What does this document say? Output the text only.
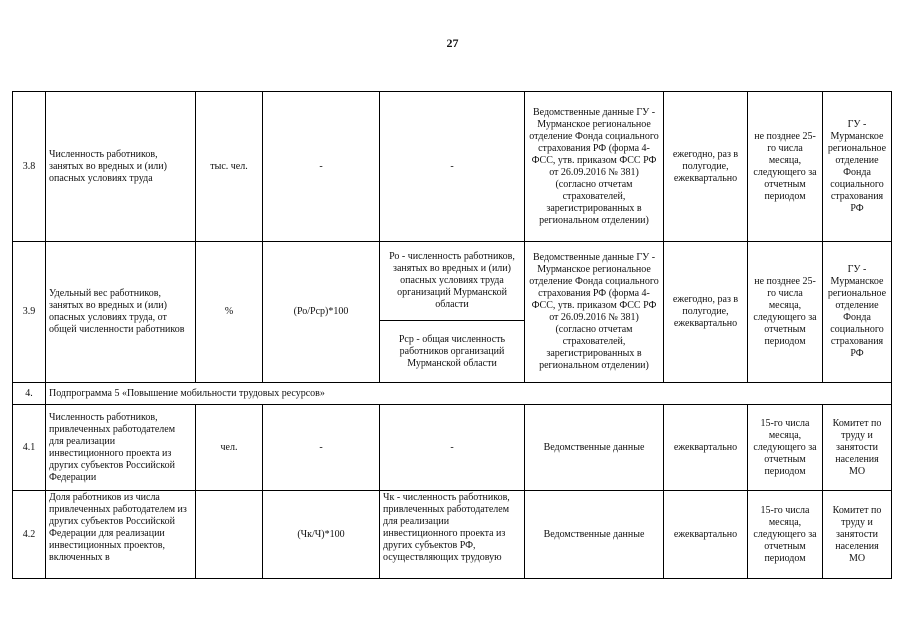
27
3.8	Численность работников, занятых во вредных и (или) опасных условиях труда	тыс. чел.	-	-	Ведомственные данные ГУ - Мурманское региональное отделение Фонда социального страхования РФ (форма 4-ФСС, утв. приказом ФСС РФ от 26.09.2016 № 381) (согласно отчетам страхователей, зарегистрированных в региональном отделении)	ежегодно, раз в полугодие, ежеквартально	не позднее 25-го числа месяца, следующего за отчетным периодом	ГУ - Мурманское региональное отделение Фонда социального страхования РФ
3.9	Удельный вес работников, занятых во вредных и (или) опасных условиях труда, от общей численности работников	%	(Ро/Рср)*100	Ро - численность работников, занятых во вредных и (или) опасных условиях труда организаций Мурманской области	Ведомственные данные ГУ - Мурманское региональное отделение Фонда социального страхования РФ (форма 4-ФСС, утв. приказом ФСС РФ от 26.09.2016 № 381) (согласно отчетам страхователей, зарегистрированных в региональном отделении)	ежегодно, раз в полугодие, ежеквартально	не позднее 25-го числа месяца, следующего за отчетным периодом	ГУ - Мурманское региональное отделение Фонда социального страхования РФ
				Рср - общая численность работников организаций Мурманской области				
4.	Подпрограмма 5 «Повышение мобильности трудовых ресурсов»							
4.1	Численность работников, привлеченных работодателем для реализации инвестиционного проекта из других субъектов Российской Федерации	чел.	-	-	Ведомственные данные	ежеквартально	15-го числа месяца, следующего за отчетным периодом	Комитет по труду и занятости населения МО
4.2	Доля работников из числа привлеченных работодателем из других субъектов Российской Федерации для реализации инвестиционных проектов, включенных в		(Чк/Ч)*100	Чк - численность работников, привлеченных работодателем для реализации инвестиционного проекта из других субъектов РФ, осуществляющих трудовую	Ведомственные данные	ежеквартально	15-го числа месяца, следующего за отчетным периодом	Комитет по труду и занятости населения МО
